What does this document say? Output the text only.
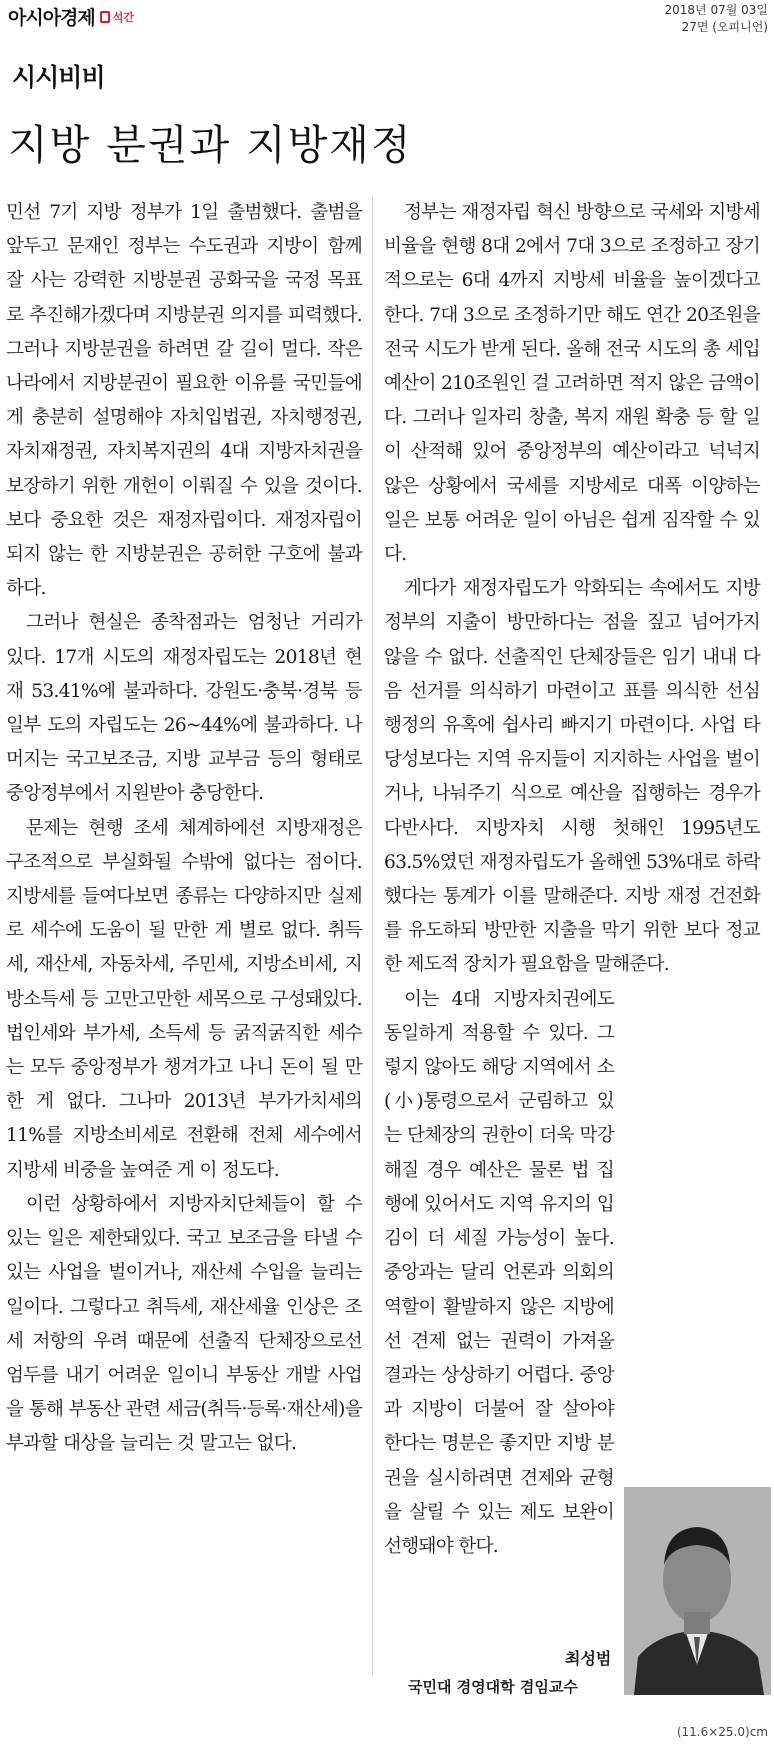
아시아경제 석간	2018년 07월 03일
27면 (오피니언)
시시비비
지방 분권과 지방재정

민선 7기 지방 정부가 1일 출범했다. 출범을 앞두고 문재인 정부는 수도권과 지방이 함께 잘 사는 강력한 지방분권 공화국을 국정 목표로 추진해가겠다며 지방분권 의지를 피력했다. 그러나 지방분권을 하려면 갈 길이 멀다. 작은 나라에서 지방분권이 필요한 이유를 국민들에게 충분히 설명해야 자치입법권, 자치행정권, 자치재정권, 자치복지권의 4대 지방자치권을 보장하기 위한 개헌이 이뤄질 수 있을 것이다. 보다 중요한 것은 재정자립이다. 재정자립이 되지 않는 한 지방분권은 공허한 구호에 불과하다.

그러나 현실은 종착점과는 엄청난 거리가 있다. 17개 시도의 재정자립도는 2018년 현재 53.41%에 불과하다. 강원도·충북·경북 등 일부 도의 자립도는 26~44%에 불과하다. 나머지는 국고보조금, 지방 교부금 등의 형태로 중앙정부에서 지원받아 충당한다.

문제는 현행 조세 체계하에선 지방재정은 구조적으로 부실화될 수밖에 없다는 점이다. 지방세를 들여다보면 종류는 다양하지만 실제로 세수에 도움이 될 만한 게 별로 없다. 취득세, 재산세, 자동차세, 주민세, 지방소비세, 지방소득세 등 고만고만한 세목으로 구성돼있다. 법인세와 부가세, 소득세 등 굵직굵직한 세수는 모두 중앙정부가 챙겨가고 나니 돈이 될 만한 게 없다. 그나마 2013년 부가가치세의 11%를 지방소비세로 전환해 전체 세수에서 지방세 비중을 높여준 게 이 정도다.

이런 상황하에서 지방자치단체들이 할 수 있는 일은 제한돼있다. 국고 보조금을 타낼 수 있는 사업을 벌이거나, 재산세 수입을 늘리는 일이다. 그렇다고 취득세, 재산세율 인상은 조세 저항의 우려 때문에 선출직 단체장으로선 엄두를 내기 어려운 일이니 부동산 개발 사업을 통해 부동산 관련 세금(취득·등록·재산세)을 부과할 대상을 늘리는 것 말고는 없다.

정부는 재정자립 혁신 방향으로 국세와 지방세 비율을 현행 8대 2에서 7대 3으로 조정하고 장기적으로는 6대 4까지 지방세 비율을 높이겠다고 한다. 7대 3으로 조정하기만 해도 연간 20조원을 전국 시도가 받게 된다. 올해 전국 시도의 총 세입 예산이 210조원인 걸 고려하면 적지 않은 금액이다. 그러나 일자리 창출, 복지 재원 확충 등 할 일이 산적해 있어 중앙정부의 예산이라고 넉넉지 않은 상황에서 국세를 지방세로 대폭 이양하는 일은 보통 어려운 일이 아님은 쉽게 짐작할 수 있다.

게다가 재정자립도가 악화되는 속에서도 지방 정부의 지출이 방만하다는 점을 짚고 넘어가지 않을 수 없다. 선출직인 단체장들은 임기 내내 다음 선거를 의식하기 마련이고 표를 의식한 선심 행정의 유혹에 쉽사리 빠지기 마련이다. 사업 타당성보다는 지역 유지들이 지지하는 사업을 벌이거나, 나눠주기 식으로 예산을 집행하는 경우가 다반사다. 지방자치 시행 첫해인 1995년도 63.5%였던 재정자립도가 올해엔 53%대로 하락했다는 통계가 이를 말해준다. 지방 재정 건전화를 유도하되 방만한 지출을 막기 위한 보다 정교한 제도적 장치가 필요함을 말해준다.

이는 4대 지방자치권에도 동일하게 적용할 수 있다. 그렇지 않아도 해당 지역에서 소(小)통령으로서 군림하고 있는 단체장의 권한이 더욱 막강해질 경우 예산은 물론 법 집행에 있어서도 지역 유지의 입김이 더 세질 가능성이 높다. 중앙과는 달리 언론과 의회의 역할이 활발하지 않은 지방에선 견제 없는 권력이 가져올 결과는 상상하기 어렵다. 중앙과 지방이 더불어 잘 살아야 한다는 명분은 좋지만 지방 분권을 실시하려면 견제와 균형을 살릴 수 있는 제도 보완이 선행돼야 한다.

최성범
국민대 경영대학 겸임교수
(11.6×25.0)cm
